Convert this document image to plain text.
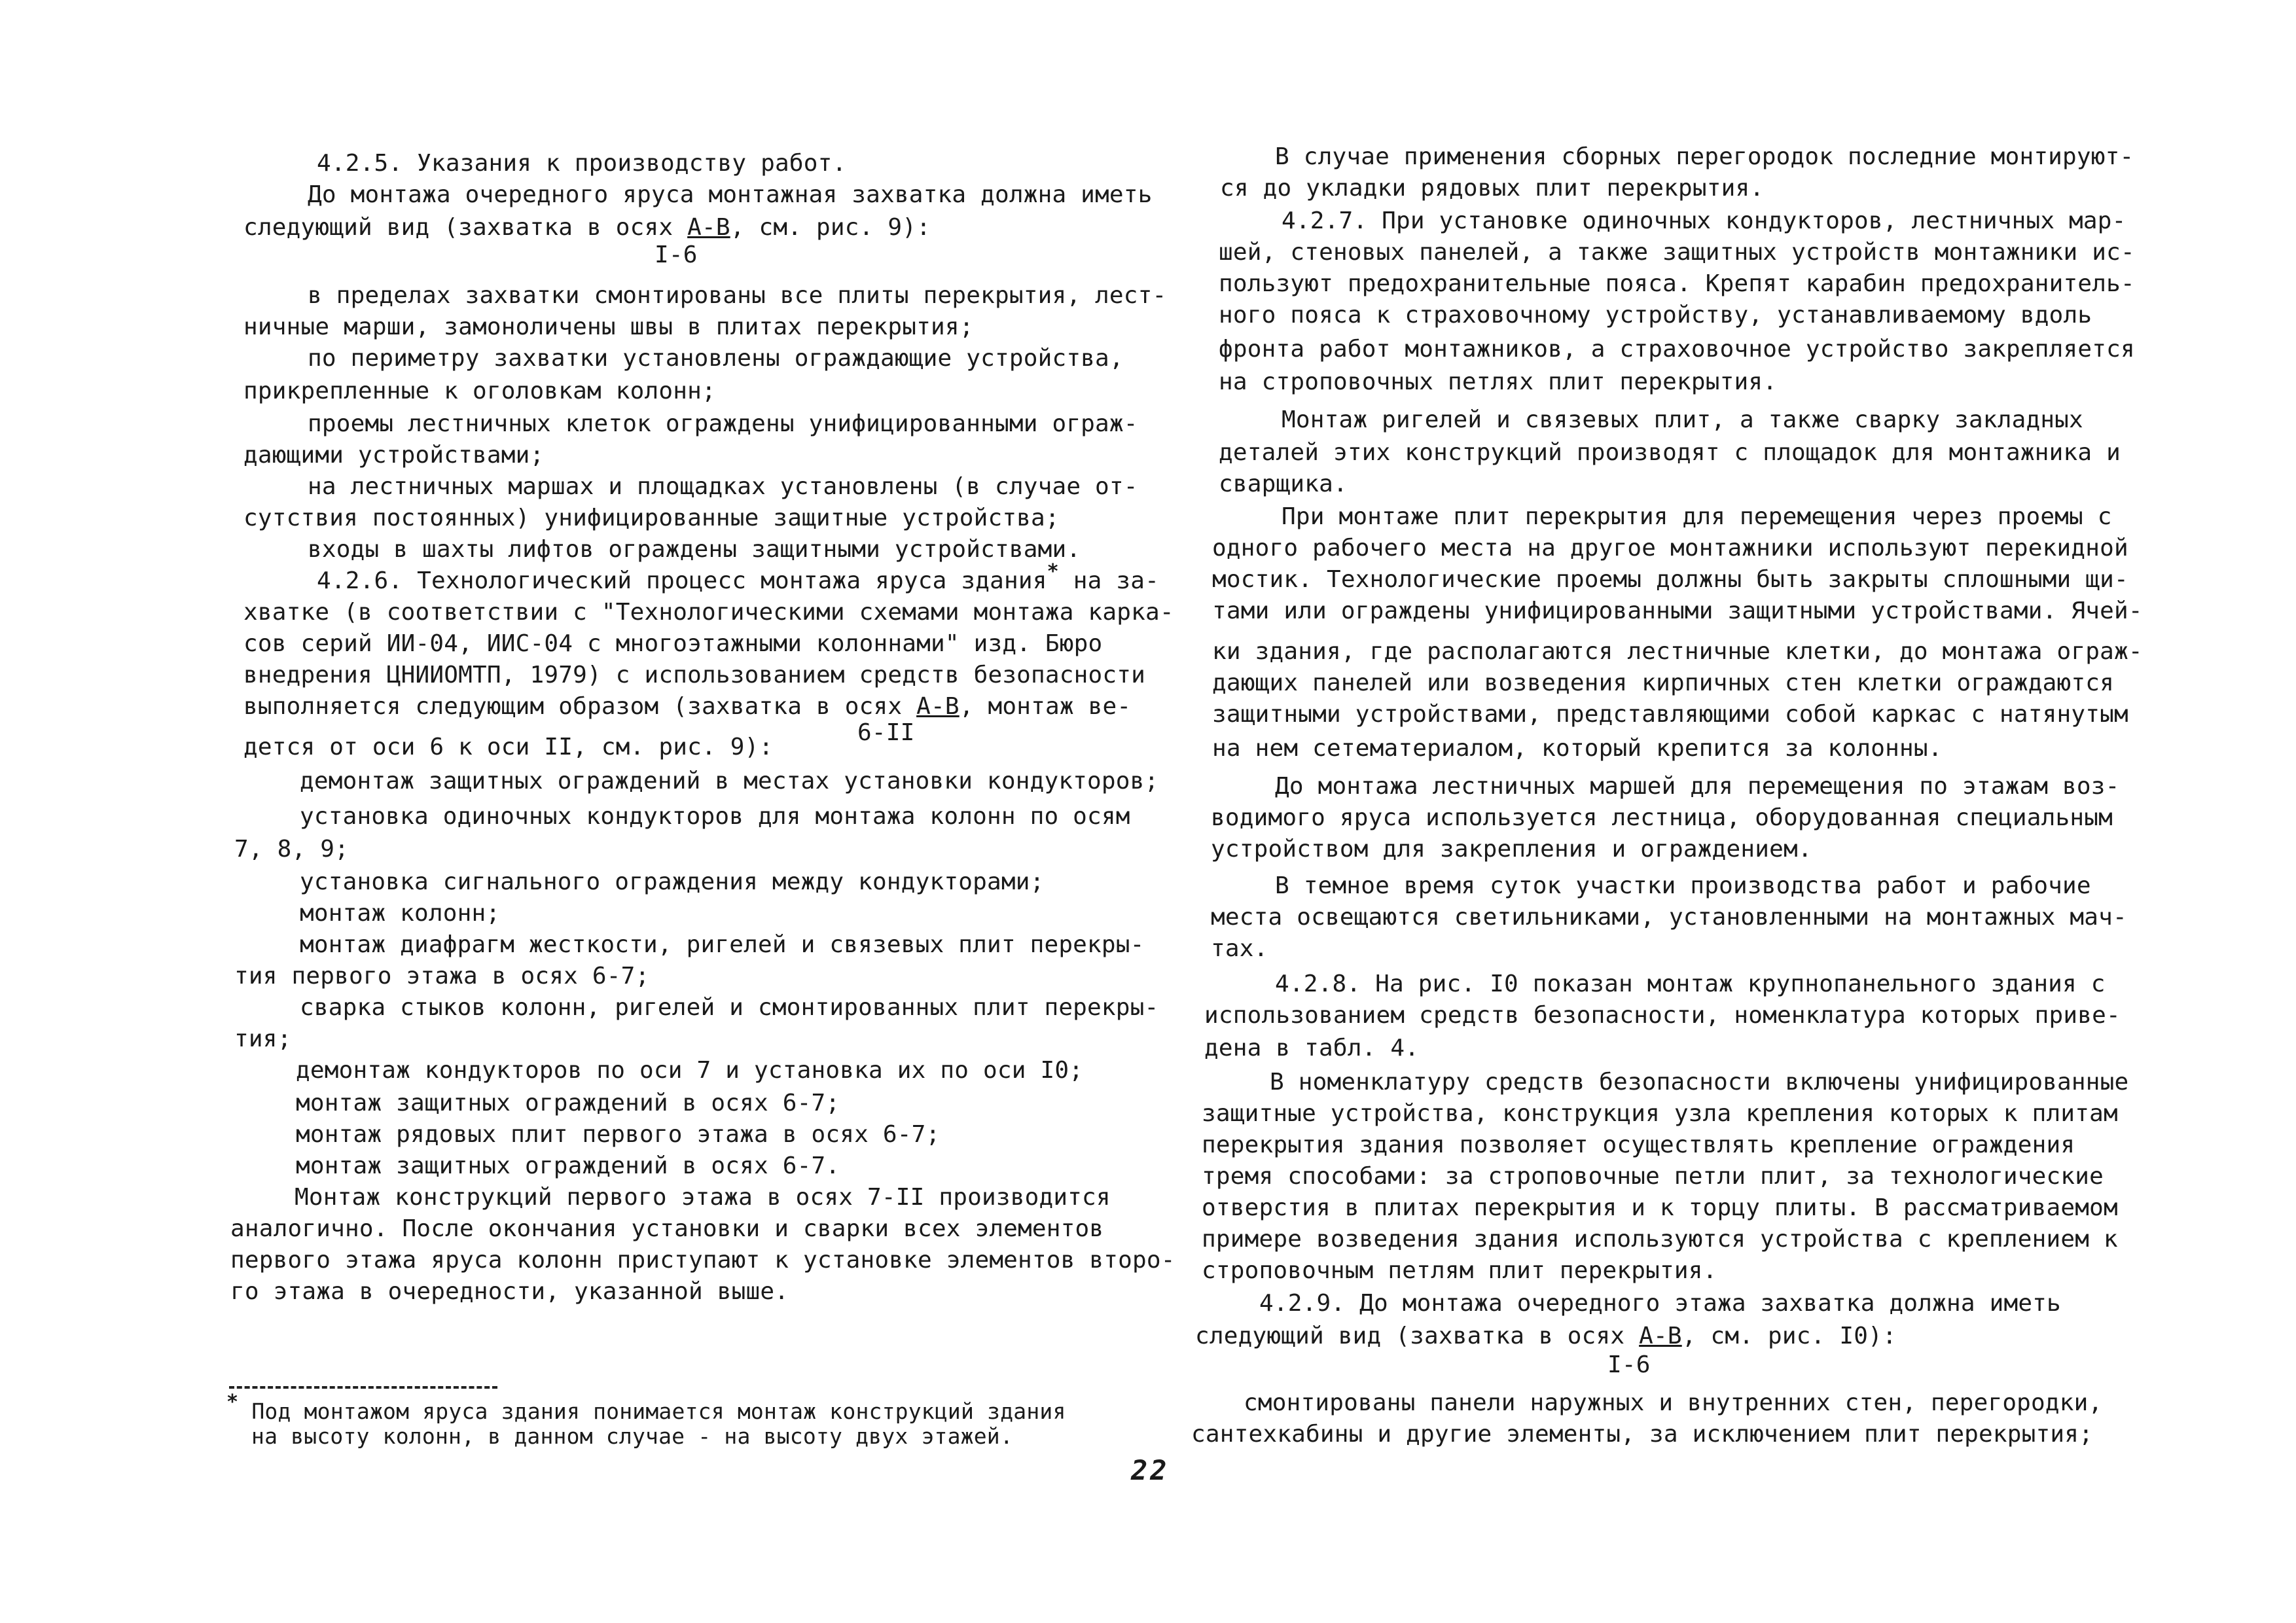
4.2.5. Указания к производству работ.
До монтажа очередного яруса монтажная захватка должна иметь
следующий вид (захватка в осях А-В, см. рис. 9):
I-6
в пределах захватки смонтированы все плиты перекрытия, лест-
ничные марши, замоноличены швы в плитах перекрытия;
по периметру захватки установлены ограждающие устройства,
прикрепленные к оголовкам колонн;
проемы лестничных клеток ограждены унифицированными ограж-
дающими устройствами;
на лестничных маршах и площадках установлены (в случае от-
сутствия постоянных) унифицированные защитные устройства;
входы в шахты лифтов ограждены защитными устройствами.
4.2.6. Технологический процесс монтажа яруса здания* на за-
хватке (в соответствии с "Технологическими схемами монтажа карка-
сов серий ИИ-04, ИИС-04 с многоэтажными колоннами" изд. Бюро
внедрения ЦНИИОМТП, 1979) с использованием средств безопасности
выполняется следующим образом (захватка в осях А-В, монтаж ве-
дется от оси 6 к оси II, см. рис. 9):
6-II
демонтаж защитных ограждений в местах установки кондукторов;
установка одиночных кондукторов для монтажа колонн по осям
7, 8, 9;
установка сигнального ограждения между кондукторами;
монтаж колонн;
монтаж диафрагм жесткости, ригелей и связевых плит перекры-
тия первого этажа в осях 6-7;
сварка стыков колонн, ригелей и смонтированных плит перекры-
тия;
демонтаж кондукторов по оси 7 и установка их по оси I0;
монтаж защитных ограждений в осях 6-7;
монтаж рядовых плит первого этажа в осях 6-7;
монтаж защитных ограждений в осях 6-7.
Монтаж конструкций первого этажа в осях 7-II производится
аналогично. После окончания установки и сварки всех элементов
первого этажа яруса колонн приступают к установке элементов второ-
го этажа в очередности, указанной выше.
* Под монтажом яруса здания понимается монтаж конструкций здания
на высоту колонн, в данном случае - на высоту двух этажей.
22
В случае применения сборных перегородок последние монтируют-
ся до укладки рядовых плит перекрытия.
4.2.7. При установке одиночных кондукторов, лестничных мар-
шей, стеновых панелей, а также защитных устройств монтажники ис-
пользуют предохранительные пояса. Крепят карабин предохранитель-
ного пояса к страховочному устройству, устанавливаемому вдоль
фронта работ монтажников, а страховочное устройство закрепляется
на строповочных петлях плит перекрытия.
Монтаж ригелей и связевых плит, а также сварку закладных
деталей этих конструкций производят с площадок для монтажника и
сварщика.
При монтаже плит перекрытия для перемещения через проемы с
одного рабочего места на другое монтажники используют перекидной
мостик. Технологические проемы должны быть закрыты сплошными щи-
тами или ограждены унифицированными защитными устройствами. Ячей-
ки здания, где располагаются лестничные клетки, до монтажа ограж-
дающих панелей или возведения кирпичных стен клетки ограждаются
защитными устройствами, представляющими собой каркас с натянутым
на нем сетематериалом, который крепится за колонны.
До монтажа лестничных маршей для перемещения по этажам воз-
водимого яруса используется лестница, оборудованная специальным
устройством для закрепления и ограждением.
В темное время суток участки производства работ и рабочие
места освещаются светильниками, установленными на монтажных мач-
тах.
4.2.8. На рис. I0 показан монтаж крупнопанельного здания с
использованием средств безопасности, номенклатура которых приве-
дена в табл. 4.
В номенклатуру средств безопасности включены унифицированные
защитные устройства, конструкция узла крепления которых к плитам
перекрытия здания позволяет осуществлять крепление ограждения
тремя способами: за строповочные петли плит, за технологические
отверстия в плитах перекрытия и к торцу плиты. В рассматриваемом
примере возведения здания используются устройства с креплением к
строповочным петлям плит перекрытия.
4.2.9. До монтажа очередного этажа захватка должна иметь
следующий вид (захватка в осях А-В, см. рис. I0):
I-6
смонтированы панели наружных и внутренних стен, перегородки,
сантехкабины и другие элементы, за исключением плит перекрытия;
